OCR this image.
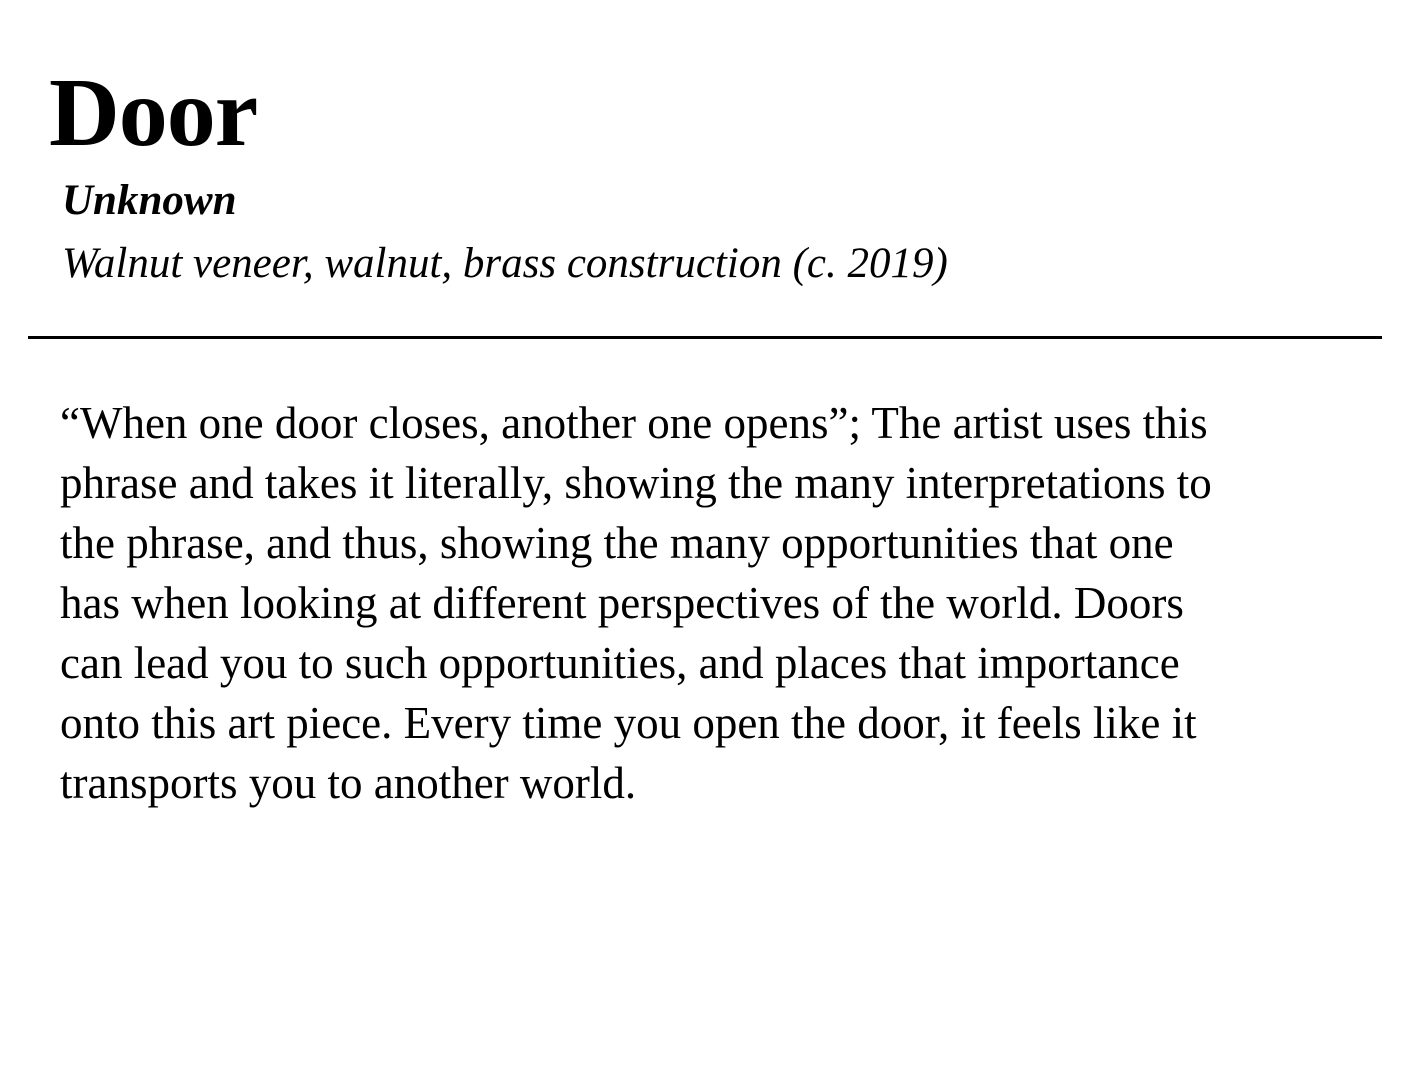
Door

Unknown

Walnut veneer, walnut, brass construction (c. 2019)

“When one door closes, another one opens”; The artist uses this
phrase and takes it literally, showing the many interpretations to
the phrase, and thus, showing the many opportunities that one
has when looking at different perspectives of the world. Doors
can lead you to such opportunities, and places that importance
onto this art piece. Every time you open the door, it feels like it
transports you to another world.
